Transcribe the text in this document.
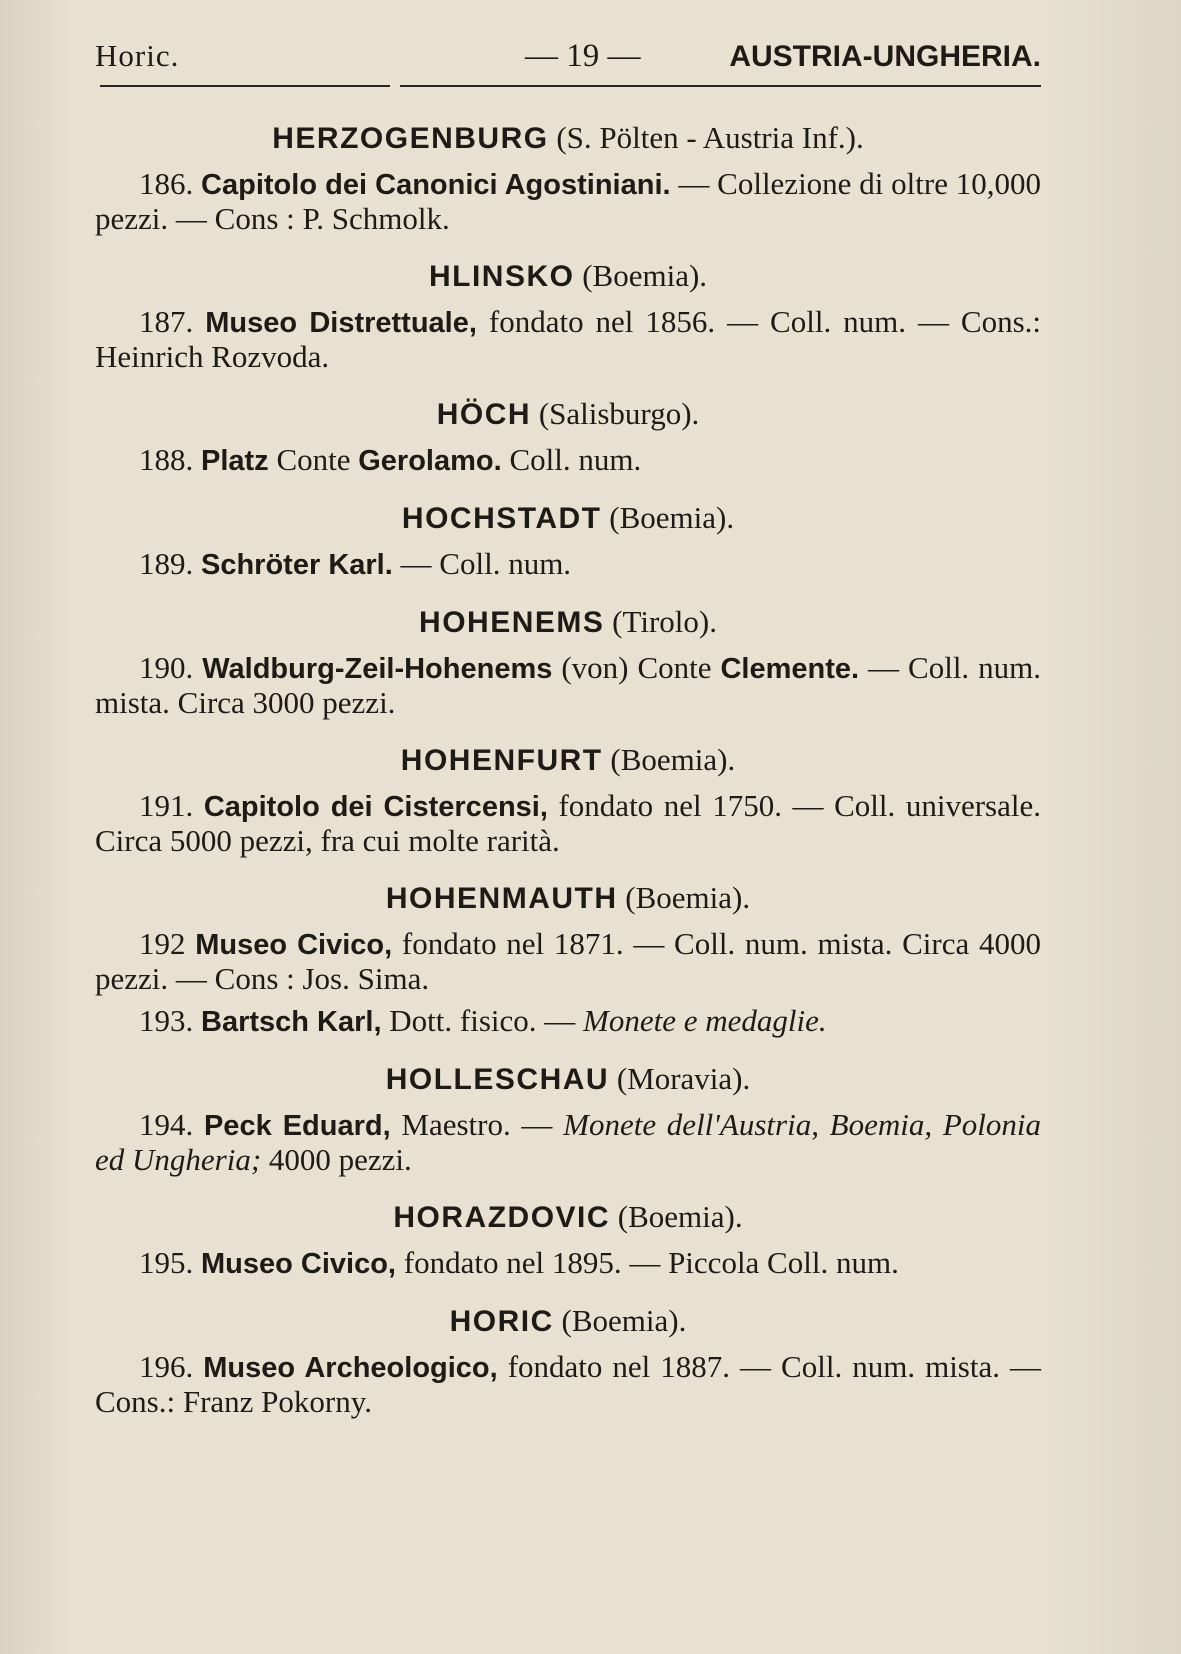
Horic.	— 19 —	AUSTRIA-UNGHERIA.

HERZOGENBURG (S. Pölten - Austria Inf.).

186. Capitolo dei Canonici Agostiniani. — Collezione di oltre 10,000 pezzi. — Cons : P. Schmolk.

HLINSKO (Boemia).

187. Museo Distrettuale, fondato nel 1856. — Coll. num. — Cons.: Heinrich Rozvoda.

HÖCH (Salisburgo).

188. Platz Conte Gerolamo. Coll. num.

HOCHSTADT (Boemia).

189. Schröter Karl. — Coll. num.

HOHENEMS (Tirolo).

190. Waldburg-Zeil-Hohenems (von) Conte Clemente. — Coll. num. mista. Circa 3000 pezzi.

HOHENFURT (Boemia).

191. Capitolo dei Cistercensi, fondato nel 1750. — Coll. universale. Circa 5000 pezzi, fra cui molte rarità.

HOHENMAUTH (Boemia).

192 Museo Civico, fondato nel 1871. — Coll. num. mista. Circa 4000 pezzi. — Cons : Jos. Sima.

193. Bartsch Karl, Dott. fisico. — Monete e medaglie.

HOLLESCHAU (Moravia).

194. Peck Eduard, Maestro. — Monete dell'Austria, Boemia, Polonia ed Ungheria; 4000 pezzi.

HORAZDOVIC (Boemia).

195. Museo Civico, fondato nel 1895. — Piccola Coll. num.

HORIC (Boemia).

196. Museo Archeologico, fondato nel 1887. — Coll. num. mista. — Cons.: Franz Pokorny.
